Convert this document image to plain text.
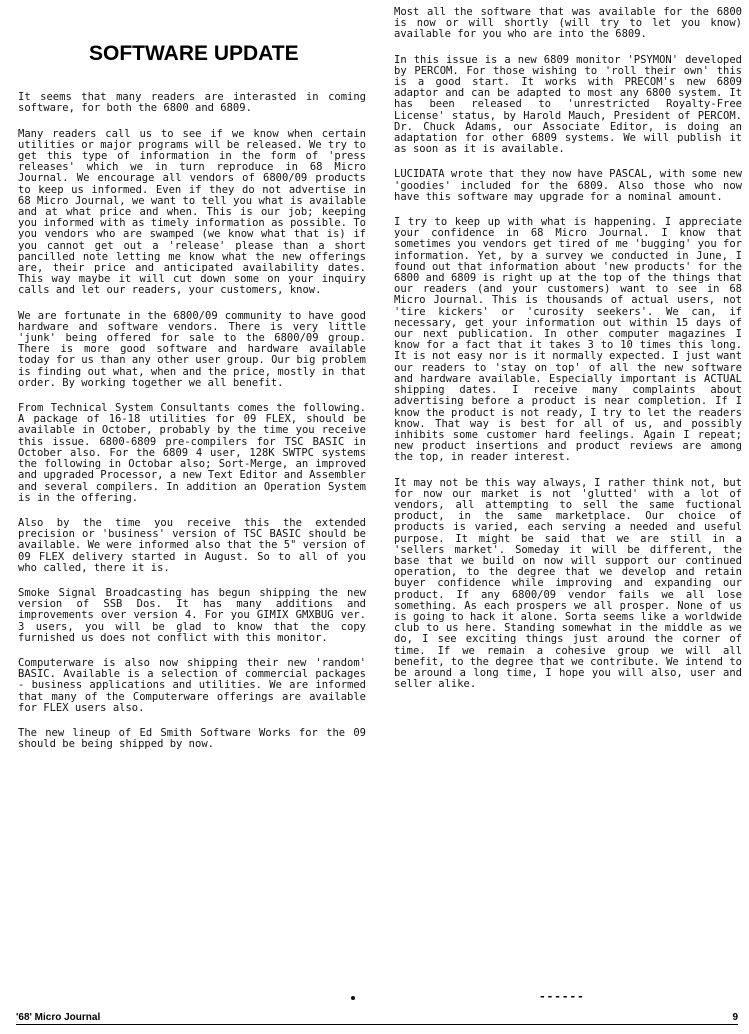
SOFTWARE UPDATE

It seems that many readers are interasted in coming software, for both the 6800 and 6809.

Many readers call us to see if we know when certain utilities or major programs will be released. We try to get this type of information in the form of 'press releases' which we in turn reproduce in 68 Micro Journal. We encourage all vendors of 6800/09 products to keep us informed. Even if they do not advertise in 68 Micro Journal, we want to tell you what is available and at what price and when. This is our job; keeping you informed with as timely information as possible. To you vendors who are swamped (we know what that is) if you cannot get out a 'release' please than a short pancilled note letting me know what the new offerings are, their price and anticipated availability dates. This way maybe it will cut down some on your inquiry calls and let our readers, your customers, know.

We are fortunate in the 6800/09 community to have good hardware and software vendors. There is very little 'junk' being offered for sale to the 6800/09 group. There is more good software and hardware available today for us than any other user group. Our big problem is finding out what, when and the price, mostly in that order. By working together we all benefit.

From Technical System Consultants comes the following. A package of 16-18 utilities for 09 FLEX, should be available in October, probably by the time you receive this issue. 6800-6809 pre-compilers for TSC BASIC in October also. For the 6809 4 user, 128K SWTPC systems the following in Octobar also; Sort-Merge, an improved and upgraded Processor, a new Text Editor and Assembler and several compilers. In addition an Operation System is in the offering.

Also by the time you receive this the extended precision or 'business' version of TSC BASIC should be available. We were informed also that the 5" version of 09 FLEX delivery started in August. So to all of you who called, there it is.

Smoke Signal Broadcasting has begun shipping the new version of SSB Dos. It has many additions and improvements over version 4. For you GIMIX GMXBUG ver. 3 users, you will be glad to know that the copy furnished us does not conflict with this monitor.

Computerware is also now shipping their new 'random' BASIC. Available is a selection of commercial packages - business applications and utilities. We are informed that many of the Computerware offerings are available for FLEX users also.

The new lineup of Ed Smith Software Works for the 09 should be being shipped by now.

Most all the software that was available for the 6800 is now or will shortly (will try to let you know) available for you who are into the 6809.

In this issue is a new 6809 monitor 'PSYMON' developed by PERCOM. For those wishing to 'roll their own' this is a good start. It works with PRECOM's new 6809 adaptor and can be adapted to most any 6800 system. It has been released to 'unrestricted Royalty-Free License' status, by Harold Mauch, President of PERCOM. Dr. Chuck Adams, our Associate Editor, is doing an adaptation for other 6809 systems. We will publish it as soon as it is available.

LUCIDATA wrote that they now have PASCAL, with some new 'goodies' included for the 6809. Also those who now have this software may upgrade for a nominal amount.

I try to keep up with what is happening. I appreciate your confidence in 68 Micro Journal. I know that sometimes you vendors get tired of me 'bugging' you for information. Yet, by a survey we conducted in June, I found out that information about 'new products' for the 6800 and 6809 is right up at the top of the things that our readers (and your customers) want to see in 68 Micro Journal. This is thousands of actual users, not 'tire kickers' or 'curosity seekers'. We can, if necessary, get your information out within 15 days of our next publication. In other computer magazines I know for a fact that it takes 3 to 10 times this long. It is not easy nor is it normally expected. I just want our readers to 'stay on top' of all the new software and hardware available. Especially important is ACTUAL shipping dates. I receive many complaints about advertising before a product is near completion. If I know the product is not ready, I try to let the readers know. That way is best for all of us, and possibly inhibits some customer hard feelings. Again I repeat; new product insertions and product reviews are among the top, in reader interest.

It may not be this way always, I rather think not, but for now our market is not 'glutted' with a lot of vendors, all attempting to sell the same fuctional product, in the same marketplace. Our choice of products is varied, each serving a needed and useful purpose. It might be said that we are still in a 'sellers market'. Someday it will be different, the base that we build on now will support our continued operation, to the degree that we develop and retain buyer confidence while improving and expanding our product. If any 6800/09 vendor fails we all lose something. As each prospers we all prosper. None of us is going to hack it alone. Sorta seems like a worldwide club to us here. Standing somewhat in the middle as we do, I see exciting things just around the corner of time. If we remain a cohesive group we will all benefit, to the degree that we contribute. We intend to be around a long time, I hope you will also, user and seller alike.

------
'68' Micro Journal	9
